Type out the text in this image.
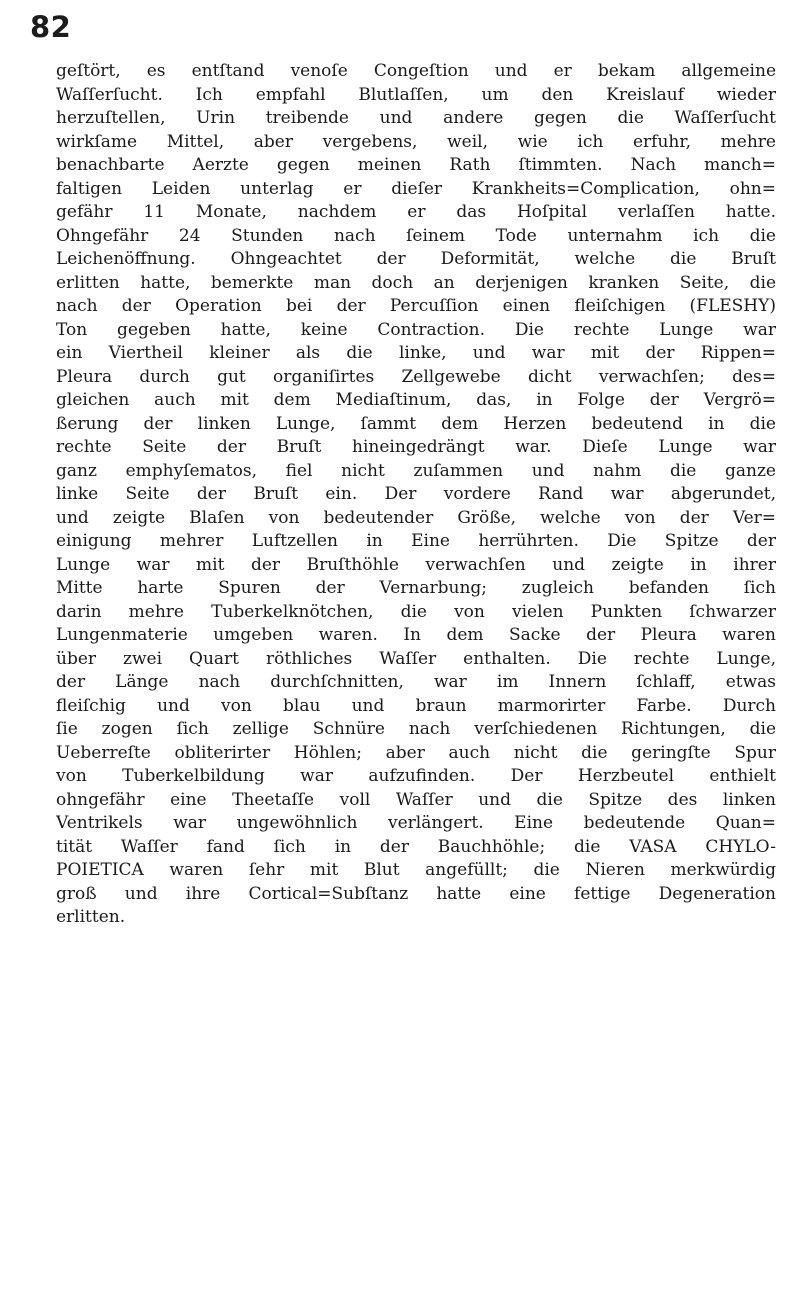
82
geſtört, es entſtand venoſe Congeſtion und er bekam allgemeine
Waſſerſucht. Ich empfahl Blutlaſſen, um den Kreislauf wieder
herzuſtellen, Urin treibende und andere gegen die Waſſerſucht
wirkſame Mittel, aber vergebens, weil, wie ich erfuhr, mehre
benachbarte Aerzte gegen meinen Rath ſtimmten. Nach manch=
faltigen Leiden unterlag er dieſer Krankheits=Complication, ohn=
gefähr 11 Monate, nachdem er das Hoſpital verlaſſen hatte.
Ohngefähr 24 Stunden nach ſeinem Tode unternahm ich die
Leichenöffnung. Ohngeachtet der Deformität, welche die Bruſt
erlitten hatte, bemerkte man doch an derjenigen kranken Seite, die
nach der Operation bei der Percuſſion einen fleiſchigen (FLESHY)
Ton gegeben hatte, keine Contraction. Die rechte Lunge war
ein Viertheil kleiner als die linke, und war mit der Rippen=
Pleura durch gut organiſirtes Zellgewebe dicht verwachſen; des=
gleichen auch mit dem Mediaſtinum, das, in Folge der Vergrö=
ßerung der linken Lunge, ſammt dem Herzen bedeutend in die
rechte Seite der Bruſt hineingedrängt war. Dieſe Lunge war
ganz emphyſematos, fiel nicht zuſammen und nahm die ganze
linke Seite der Bruſt ein. Der vordere Rand war abgerundet,
und zeigte Blaſen von bedeutender Größe, welche von der Ver=
einigung mehrer Luftzellen in Eine herrührten. Die Spitze der
Lunge war mit der Bruſthöhle verwachſen und zeigte in ihrer
Mitte harte Spuren der Vernarbung; zugleich befanden ſich
darin mehre Tuberkelknötchen, die von vielen Punkten ſchwarzer
Lungenmaterie umgeben waren. In dem Sacke der Pleura waren
über zwei Quart röthliches Waſſer enthalten. Die rechte Lunge,
der Länge nach durchſchnitten, war im Innern ſchlaff, etwas
fleiſchig und von blau und braun marmorirter Farbe. Durch
ſie zogen ſich zellige Schnüre nach verſchiedenen Richtungen, die
Ueberreſte obliterirter Höhlen; aber auch nicht die geringſte Spur
von Tuberkelbildung war aufzufinden. Der Herzbeutel enthielt
ohngefähr eine Theetaſſe voll Waſſer und die Spitze des linken
Ventrikels war ungewöhnlich verlängert. Eine bedeutende Quan=
tität Waſſer fand ſich in der Bauchhöhle; die VASA CHYLO-
POIETICA waren ſehr mit Blut angefüllt; die Nieren merkwürdig
groß und ihre Cortical=Subſtanz hatte eine fettige Degeneration
erlitten.
